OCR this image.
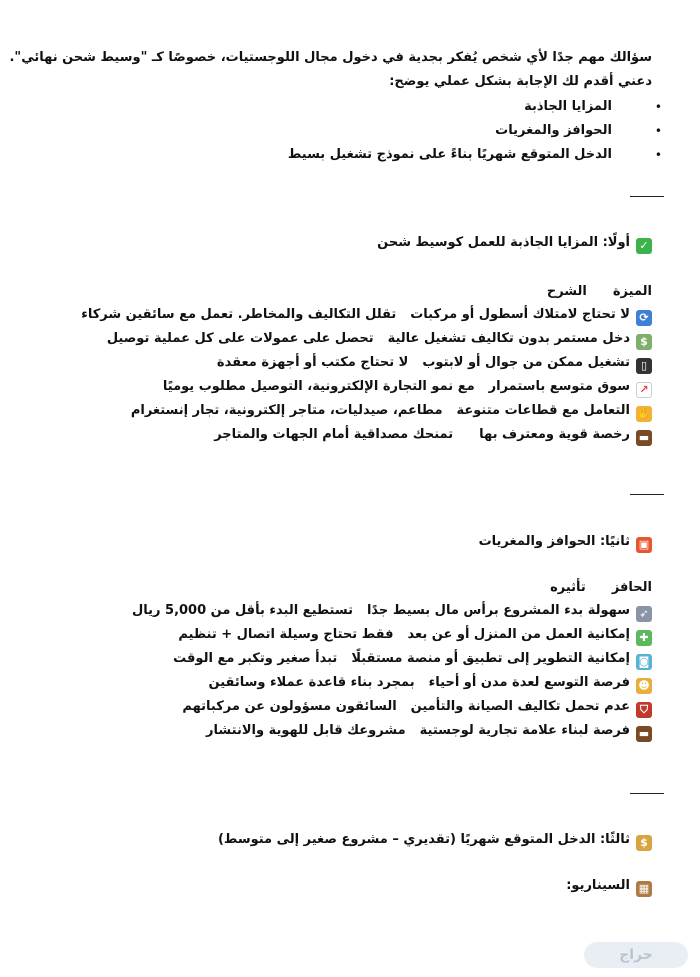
سؤالك مهم جدًا لأي شخص يُفكر بجدية في دخول مجال اللوجستيات، خصوصًا كـ "وسيط شحن نهائي".
دعني أقدم لك الإجابة بشكل عملي يوضح:
• المزايا الجاذبة
• الحوافز والمغريات
• الدخل المتوقع شهريًا بناءً على نموذج تشغيل بسيط
✓أولًا: المزايا الجاذبة للعمل كوسيط شحن
الميزةالشرح
⟳لا تحتاج لامتلاك أسطول أو مركباتتقلل التكاليف والمخاطر. تعمل مع سائقين شركاء
$دخل مستمر بدون تكاليف تشغيل عاليةتحصل على عمولات على كل عملية توصيل
▯تشغيل ممكن من جوال أو لابتوبلا تحتاج مكتب أو أجهزة معقدة
↗سوق متوسع باستمرارمع نمو التجارة الإلكترونية، التوصيل مطلوب يوميًا
✋التعامل مع قطاعات متنوعةمطاعم، صيدليات، متاجر إلكترونية، تجار إنستغرام
▬رخصة قوية ومعترف بهاتمنحك مصداقية أمام الجهات والمتاجر
▣ثانيًا: الحوافز والمغريات
الحافزتأثيره
➶سهولة بدء المشروع برأس مال بسيط جدًاتستطيع البدء بأقل من 5,000 ريال
✚إمكانية العمل من المنزل أو عن بعدفقط تحتاج وسيلة اتصال + تنظيم
◙إمكانية التطوير إلى تطبيق أو منصة مستقبلًاتبدأ صغير وتكبر مع الوقت
☻فرصة التوسع لعدة مدن أو أحياءبمجرد بناء قاعدة عملاء وسائقين
⛉عدم تحمل تكاليف الصيانة والتأمينالسائقون مسؤولون عن مركباتهم
▬فرصة لبناء علامة تجارية لوجستيةمشروعك قابل للهوية والانتشار
$ثالثًا: الدخل المتوقع شهريًا (تقديري – مشروع صغير إلى متوسط)
▦السيناريو:
حراج
